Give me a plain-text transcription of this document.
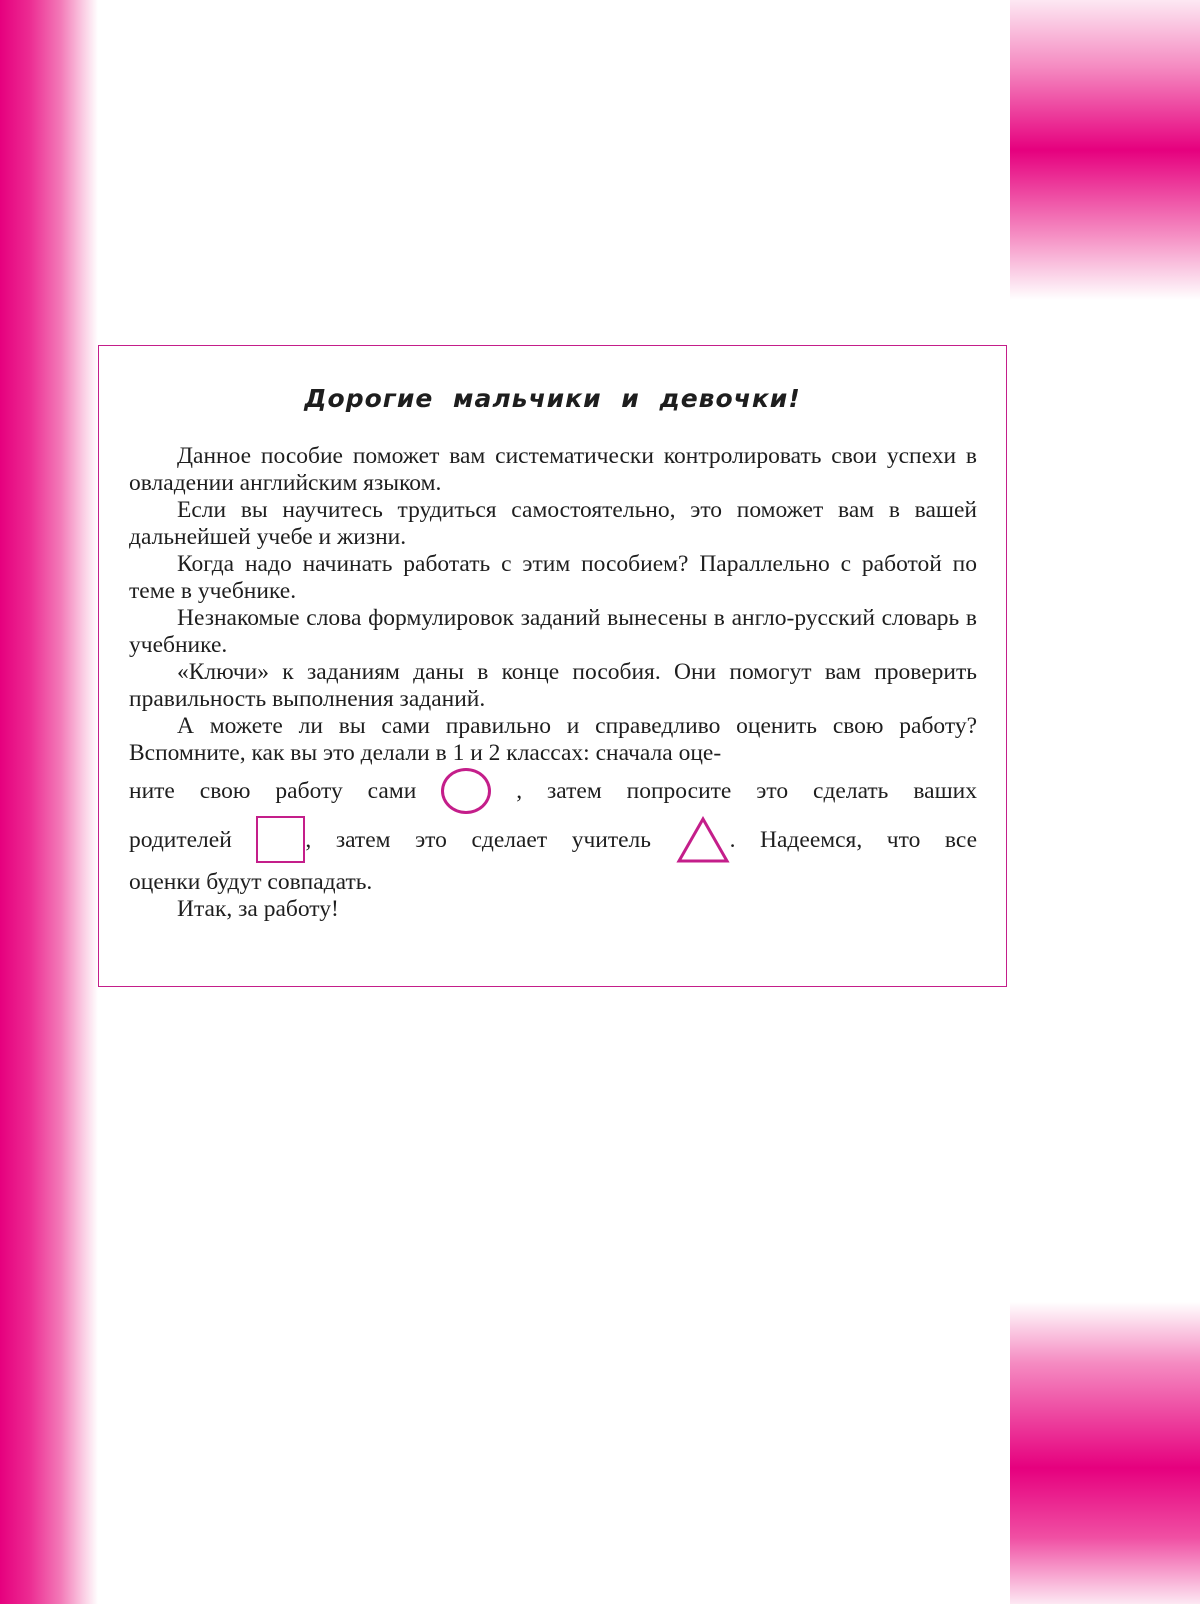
Дорогие мальчики и девочки!
Данное пособие поможет вам систематически контролировать свои успехи в овладении английским языком.
Если вы научитесь трудиться самостоятельно, это поможет вам в вашей дальнейшей учебе и жизни.
Когда надо начинать работать с этим пособием? Параллельно с работой по теме в учебнике.
Незнакомые слова формулировок заданий вынесены в англо-русский словарь в учебнике.
«Ключи» к заданиям даны в конце пособия. Они помогут вам проверить правильность выполнения заданий.
А можете ли вы сами правильно и справедливо оценить свою работу? Вспомните, как вы это делали в 1 и 2 классах: сначала оце-
ните свою работу сами	, затем попросите это сделать ваших
родителей	, затем это сделает учитель	. Надеемся, что все
оценки будут совпадать.
Итак, за работу!
